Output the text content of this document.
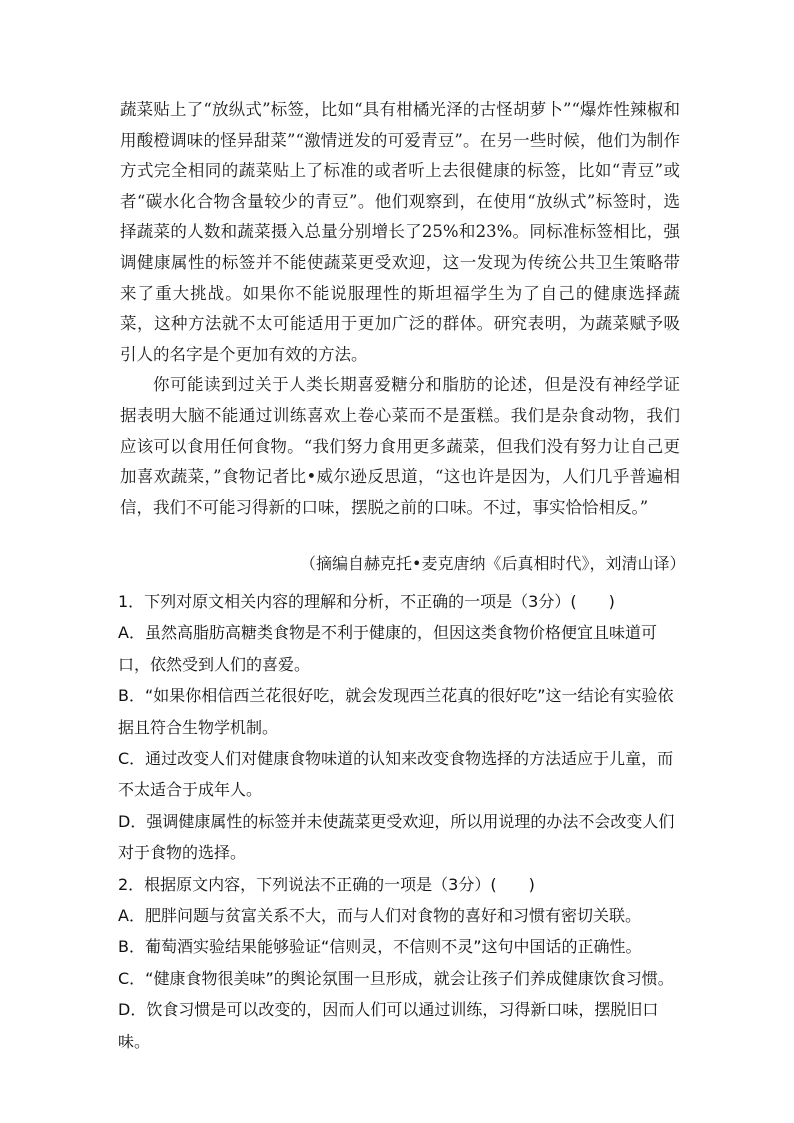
蔬菜贴上了“放纵式”标签，比如“具有柑橘光泽的古怪胡萝卜”“爆炸性辣椒和用酸橙调味的怪异甜菜”“激情迸发的可爱青豆”。在另一些时候，他们为制作方式完全相同的蔬菜贴上了标准的或者听上去很健康的标签，比如“青豆”或者“碳水化合物含量较少的青豆”。他们观察到，在使用“放纵式”标签时，选择蔬菜的人数和蔬菜摄入总量分别增长了25%和23%。同标准标签相比，强调健康属性的标签并不能使蔬菜更受欢迎，这一发现为传统公共卫生策略带来了重大挑战。如果你不能说服理性的斯坦福学生为了自己的健康选择蔬菜，这种方法就不太可能适用于更加广泛的群体。研究表明，为蔬菜赋予吸引人的名字是个更加有效的方法。

你可能读到过关于人类长期喜爱糖分和脂肪的论述，但是没有神经学证据表明大脑不能通过训练喜欢上卷心菜而不是蛋糕。我们是杂食动物，我们应该可以食用任何食物。“我们努力食用更多蔬菜，但我们没有努力让自己更加喜欢蔬菜，”食物记者比•威尔逊反思道，“这也许是因为，人们几乎普遍相信，我们不可能习得新的口味，摆脱之前的口味。不过，事实恰恰相反。”

（摘编自赫克托•麦克唐纳《后真相时代》，刘清山译）

1．下列对原文相关内容的理解和分析，不正确的一项是（3分）(　　)

A．虽然高脂肪高糖类食物是不利于健康的，但因这类食物价格便宜且味道可口，依然受到人们的喜爱。

B．“如果你相信西兰花很好吃，就会发现西兰花真的很好吃”这一结论有实验依据且符合生物学机制。

C．通过改变人们对健康食物味道的认知来改变食物选择的方法适应于儿童，而不太适合于成年人。

D．强调健康属性的标签并未使蔬菜更受欢迎，所以用说理的办法不会改变人们对于食物的选择。

2．根据原文内容，下列说法不正确的一项是（3分）(　　)

A．肥胖问题与贫富关系不大，而与人们对食物的喜好和习惯有密切关联。

B．葡萄酒实验结果能够验证“信则灵，不信则不灵”这句中国话的正确性。

C．“健康食物很美味”的舆论氛围一旦形成，就会让孩子们养成健康饮食习惯。

D．饮食习惯是可以改变的，因而人们可以通过训练，习得新口味，摆脱旧口味。
